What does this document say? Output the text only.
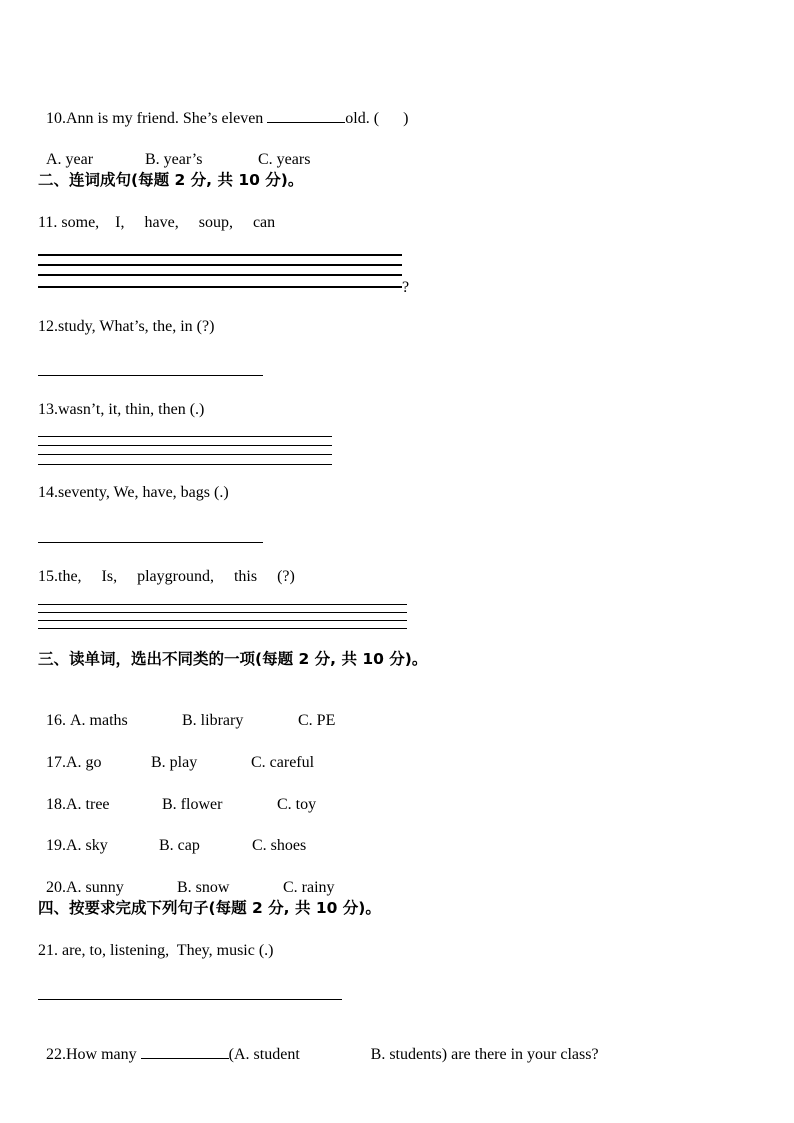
10.Ann is my friend. She’s eleven	old. ( )

A. year	B. year’s	C. years

二、连词成句(每题 2 分, 共 10 分)。
11. some,    I,     have,     soup,     can
?
12.study, What’s, the, in (?)
13.wasn’t, it, thin, then (.)
14.seventy, We, have, bags (.)
15.the,     Is,     playground,     this     (?)
三、读单词，选出不同类的一项(每题 2 分, 共 10 分)。

16. A. maths	B. library	C. PE

17.A. go	B. play	C. careful

18.A. tree	B. flower	C. toy

19.A. sky	B. cap	C. shoes

20.A. sunny	B. snow	C. rainy

四、按要求完成下列句子(每题 2 分, 共 10 分)。
21. are, to, listening,  They, music (.)

22.How many	(A. student	B. students) are there in your class?
